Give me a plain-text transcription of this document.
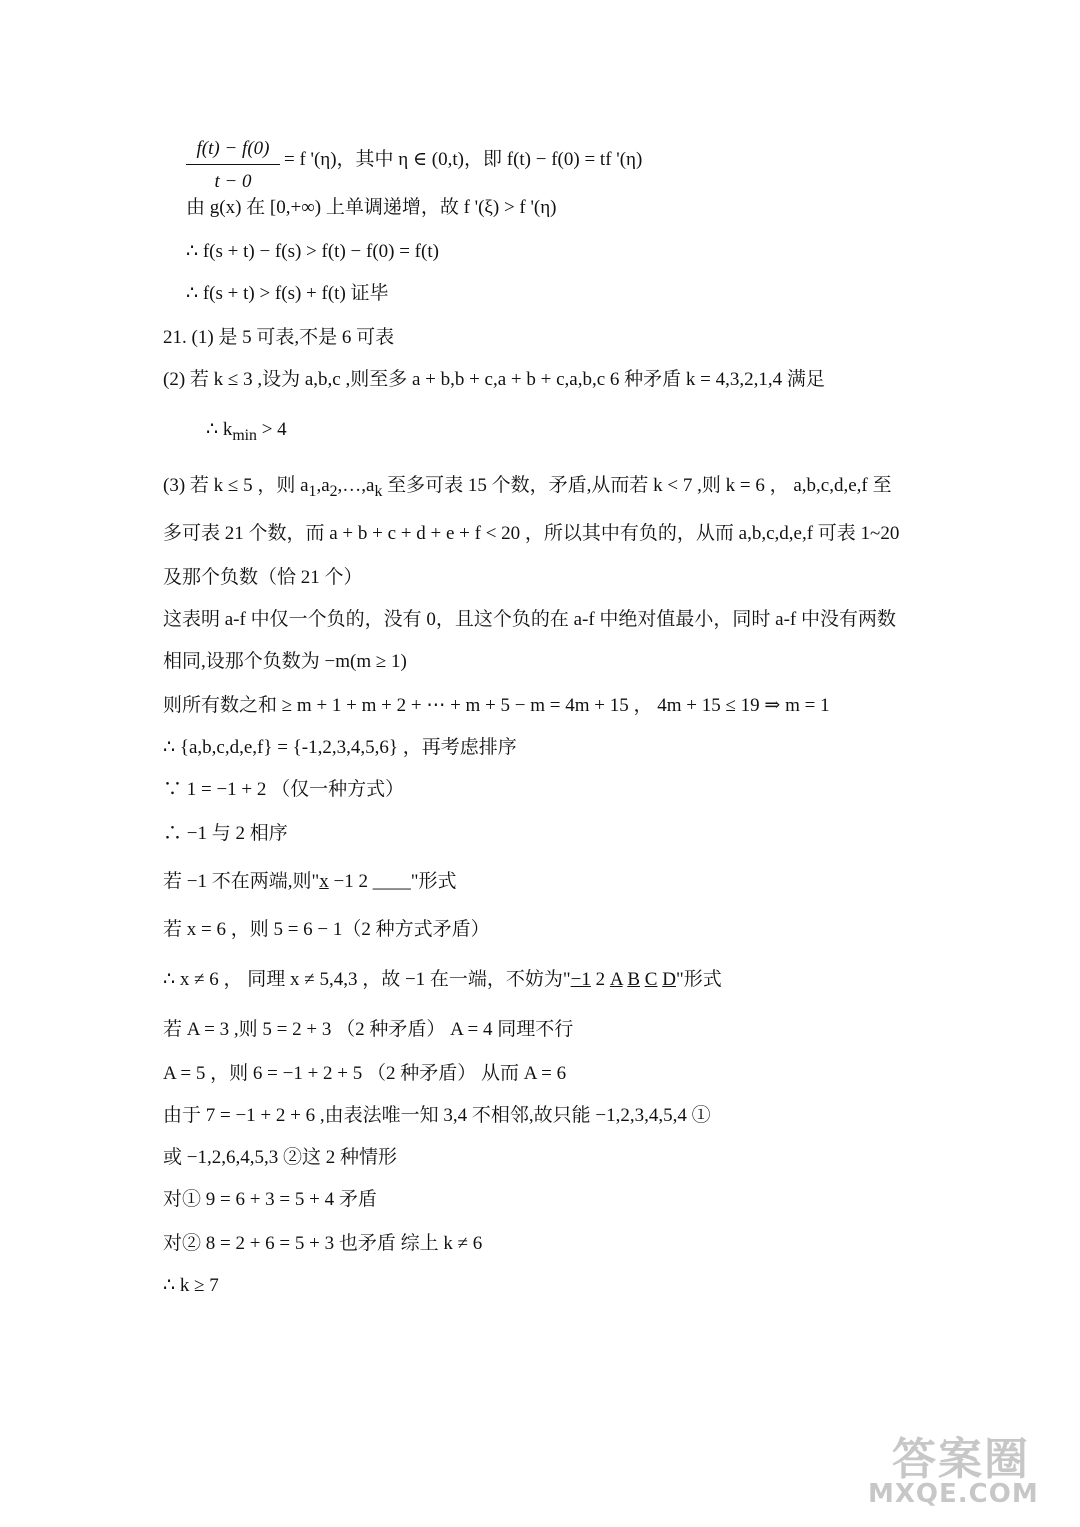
$\frac{f(t) - f(0)}{t - 0} = f$ '(η)，其中 η ∈ (0,t)，即 f(t) − f(0) = tf '(η)
由 g(x) 在 [0,+∞) 上单调递增，故 f '(ξ) > f '(η)
∴ f(s + t) − f(s) > f(t) − f(0) = f(t)
∴ f(s + t) > f(s) + f(t) 证毕
21. (1) 是 5 可表,不是 6 可表
(2) 若 k ≤ 3 ,设为 a,b,c ,则至多 a + b,b + c,a + b + c,a,b,c 6 种矛盾 k = 4,3,2,1,4 满足
∴ $k_{min} > 4$
(3) 若 k ≤ 5 ，则 $a_1,a_2,\dots,a_k$ 至多可表 15 个数，矛盾,从而若 k < 7 ,则 k = 6 ， a,b,c,d,e,f 至
多可表 21 个数，而 a + b + c + d + e + f < 20 ，所以其中有负的，从而 a,b,c,d,e,f 可表 1~20
及那个负数（恰 21 个）
这表明 a-f 中仅一个负的，没有 0，且这个负的在 a-f 中绝对值最小，同时 a-f 中没有两数
相同,设那个负数为 −m(m ≥ 1)
则所有数之和 ≥ m + 1 + m + 2 + ⋯ + m + 5 − m = 4m + 15 ， 4m + 15 ≤ 19 ⇒ m = 1
∴ {a,b,c,d,e,f} = {-1,2,3,4,5,6} ，再考虑排序
∵ 1 = −1 + 2 （仅一种方式）
∴ −1 与 2 相序
若 −1 不在两端,则"x −1 2 ____"形式
若 x = 6 ，则 5 = 6 − 1（2 种方式矛盾）
∴ x ≠ 6 ， 同理 x ≠ 5,4,3 ，故 −1 在一端，不妨为"−1 2 A B C D"形式
若 A = 3 ,则 5 = 2 + 3 （2 种矛盾） A = 4 同理不行
A = 5 ，则 6 = −1 + 2 + 5 （2 种矛盾） 从而 A = 6
由于 7 = −1 + 2 + 6 ,由表法唯一知 3,4 不相邻,故只能 −1,2,3,4,5,4 ①
或 −1,2,6,4,5,3 ②这 2 种情形
对① 9 = 6 + 3 = 5 + 4 矛盾
对② 8 = 2 + 6 = 5 + 3 也矛盾 综上 k ≠ 6
∴ k ≥ 7
答案圈
MXQE.COM
